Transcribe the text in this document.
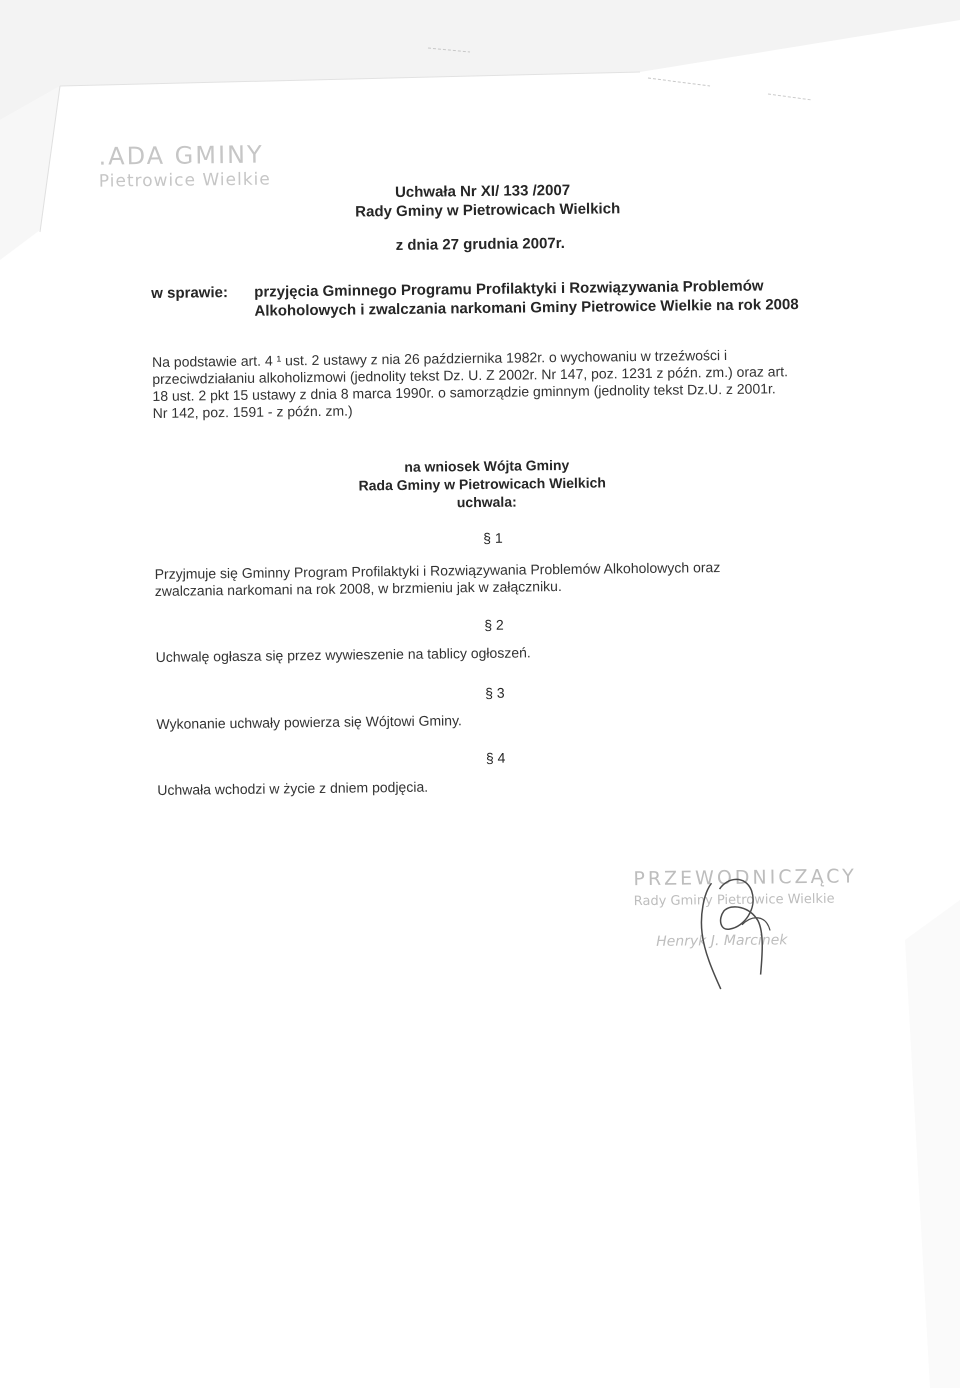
.ADA GMINY
Pietrowice Wielkie	Uchwała Nr XI/ 133 /2007
Rady Gminy w Pietrowicach Wielkich
z dnia 27 grudnia 2007r.
w sprawie: przyjęcia Gminnego Programu Profilaktyki i Rozwiązywania Problemów
Alkoholowych i zwalczania narkomani Gminy Pietrowice Wielkie na rok 2008
Na podstawie art. 4 ¹ ust. 2 ustawy z nia 26 października 1982r. o wychowaniu w trzeźwości i
przeciwdziałaniu alkoholizmowi (jednolity tekst Dz. U. Z 2002r. Nr 147, poz. 1231 z późn. zm.) oraz art.
18 ust. 2 pkt 15 ustawy z dnia 8 marca 1990r. o samorządzie gminnym (jednolity tekst Dz.U. z 2001r.
Nr 142, poz. 1591 - z późn. zm.)
na wniosek Wójta Gminy
Rada Gminy w Pietrowicach Wielkich
uchwala:
§ 1
Przyjmuje się Gminny Program Profilaktyki i Rozwiązywania Problemów Alkoholowych oraz
zwalczania narkomani na rok 2008, w brzmieniu jak w załączniku.
§ 2
Uchwalę ogłasza się przez wywieszenie na tablicy ogłoszeń.
§ 3
Wykonanie uchwały powierza się Wójtowi Gminy.
§ 4
Uchwała wchodzi w życie z dniem podjęcia.
PRZEWODNICZĄCY
Rady Gminy Pietrowice Wielkie
Henryk J. Marcinek
